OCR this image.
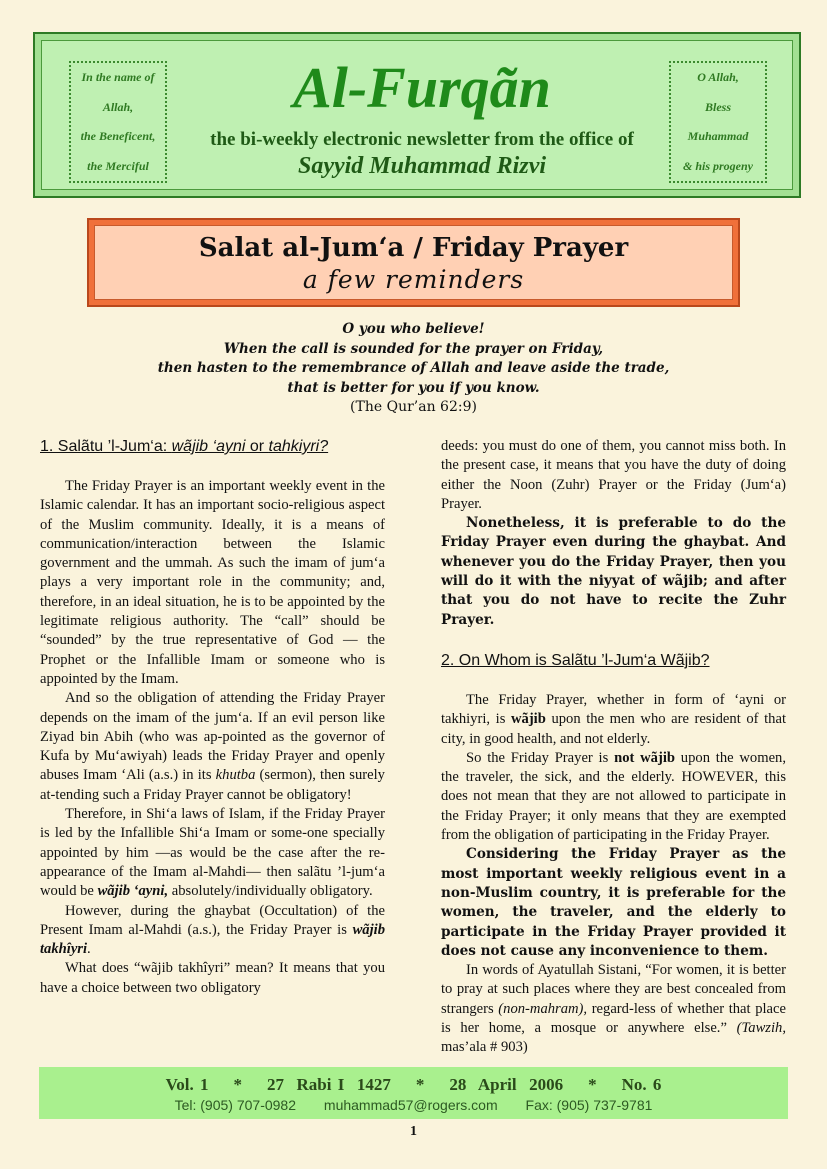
In the name of
Allah,
the Beneficent,
the Merciful
Al-Furqãn
the bi-weekly electronic newsletter from the office of
Sayyid Muhammad Rizvi
O Allah,
Bless
Muhammad
& his progeny
Salat al-Jum‘a / Friday Prayer
a few reminders
O you who believe!
When the call is sounded for the prayer on Friday,
then hasten to the remembrance of Allah and leave aside the trade,
that is better for you if you know.
(The Qur’an 62:9)
1. Salãtu ’l-Jum‘a: wãjib ‘ayni or tahkiyri?

The Friday Prayer is an important weekly event in the Islamic calendar. It has an important socio-religious aspect of the Muslim community. Ideally, it is a means of communication/interaction between the Islamic government and the ummah. As such the imam of jum‘a plays a very important role in the community; and, therefore, in an ideal situation, he is to be appointed by the legitimate religious authority. The “call” should be “sounded” by the true representative of God — the Prophet or the Infallible Imam or someone who is appointed by the Imam.

And so the obligation of attending the Friday Prayer depends on the imam of the jum‘a. If an evil person like Ziyad bin Abih (who was ap-pointed as the governor of Kufa by Mu‘awiyah) leads the Friday Prayer and openly abuses Imam ‘Ali (a.s.) in its khutba (sermon), then surely at-tending such a Friday Prayer cannot be obligatory!

Therefore, in Shi‘a laws of Islam, if the Friday Prayer is led by the Infallible Shi‘a Imam or some-one specially appointed by him —as would be the case after the re-appearance of the Imam al-Mahdi— then salãtu ’l-jum‘a would be wãjib ‘ayni, absolutely/individually obligatory.

However, during the ghaybat (Occultation) of the Present Imam al-Mahdi (a.s.), the Friday Prayer is wãjib takhîyri.

What does “wãjib takhîyri” mean? It means that you have a choice between two obligatory

deeds: you must do one of them, you cannot miss both. In the present case, it means that you have the duty of doing either the Noon (Zuhr) Prayer or the Friday (Jum‘a) Prayer.

Nonetheless, it is preferable to do the Friday Prayer even during the ghaybat. And whenever you do the Friday Prayer, then you will do it with the niyyat of wãjib; and after that you do not have to recite the Zuhr Prayer.

2. On Whom is Salãtu ’l-Jum‘a Wãjib?

The Friday Prayer, whether in form of ‘ayni or takhiyri, is wãjib upon the men who are resident of that city, in good health, and not elderly.

So the Friday Prayer is not wãjib upon the women, the traveler, the sick, and the elderly. HOWEVER, this does not mean that they are not allowed to participate in the Friday Prayer; it only means that they are exempted from the obligation of participating in the Friday Prayer.

Considering the Friday Prayer as the most important weekly religious event in a non-Muslim country, it is preferable for the women, the traveler, and the elderly to participate in the Friday Prayer provided it does not cause any inconvenience to them.

In words of Ayatullah Sistani, “For women, it is better to pray at such places where they are best concealed from strangers (non-mahram), regard-less of whether that place is her home, a mosque or anywhere else.” (Tawzih, mas’ala # 903)

Vol. 1    *    27  Rabi I  1427    *    28  April  2006    *    No. 6
Tel: (905) 707-0982 muhammad57@rogers.com Fax: (905) 737-9781
1
